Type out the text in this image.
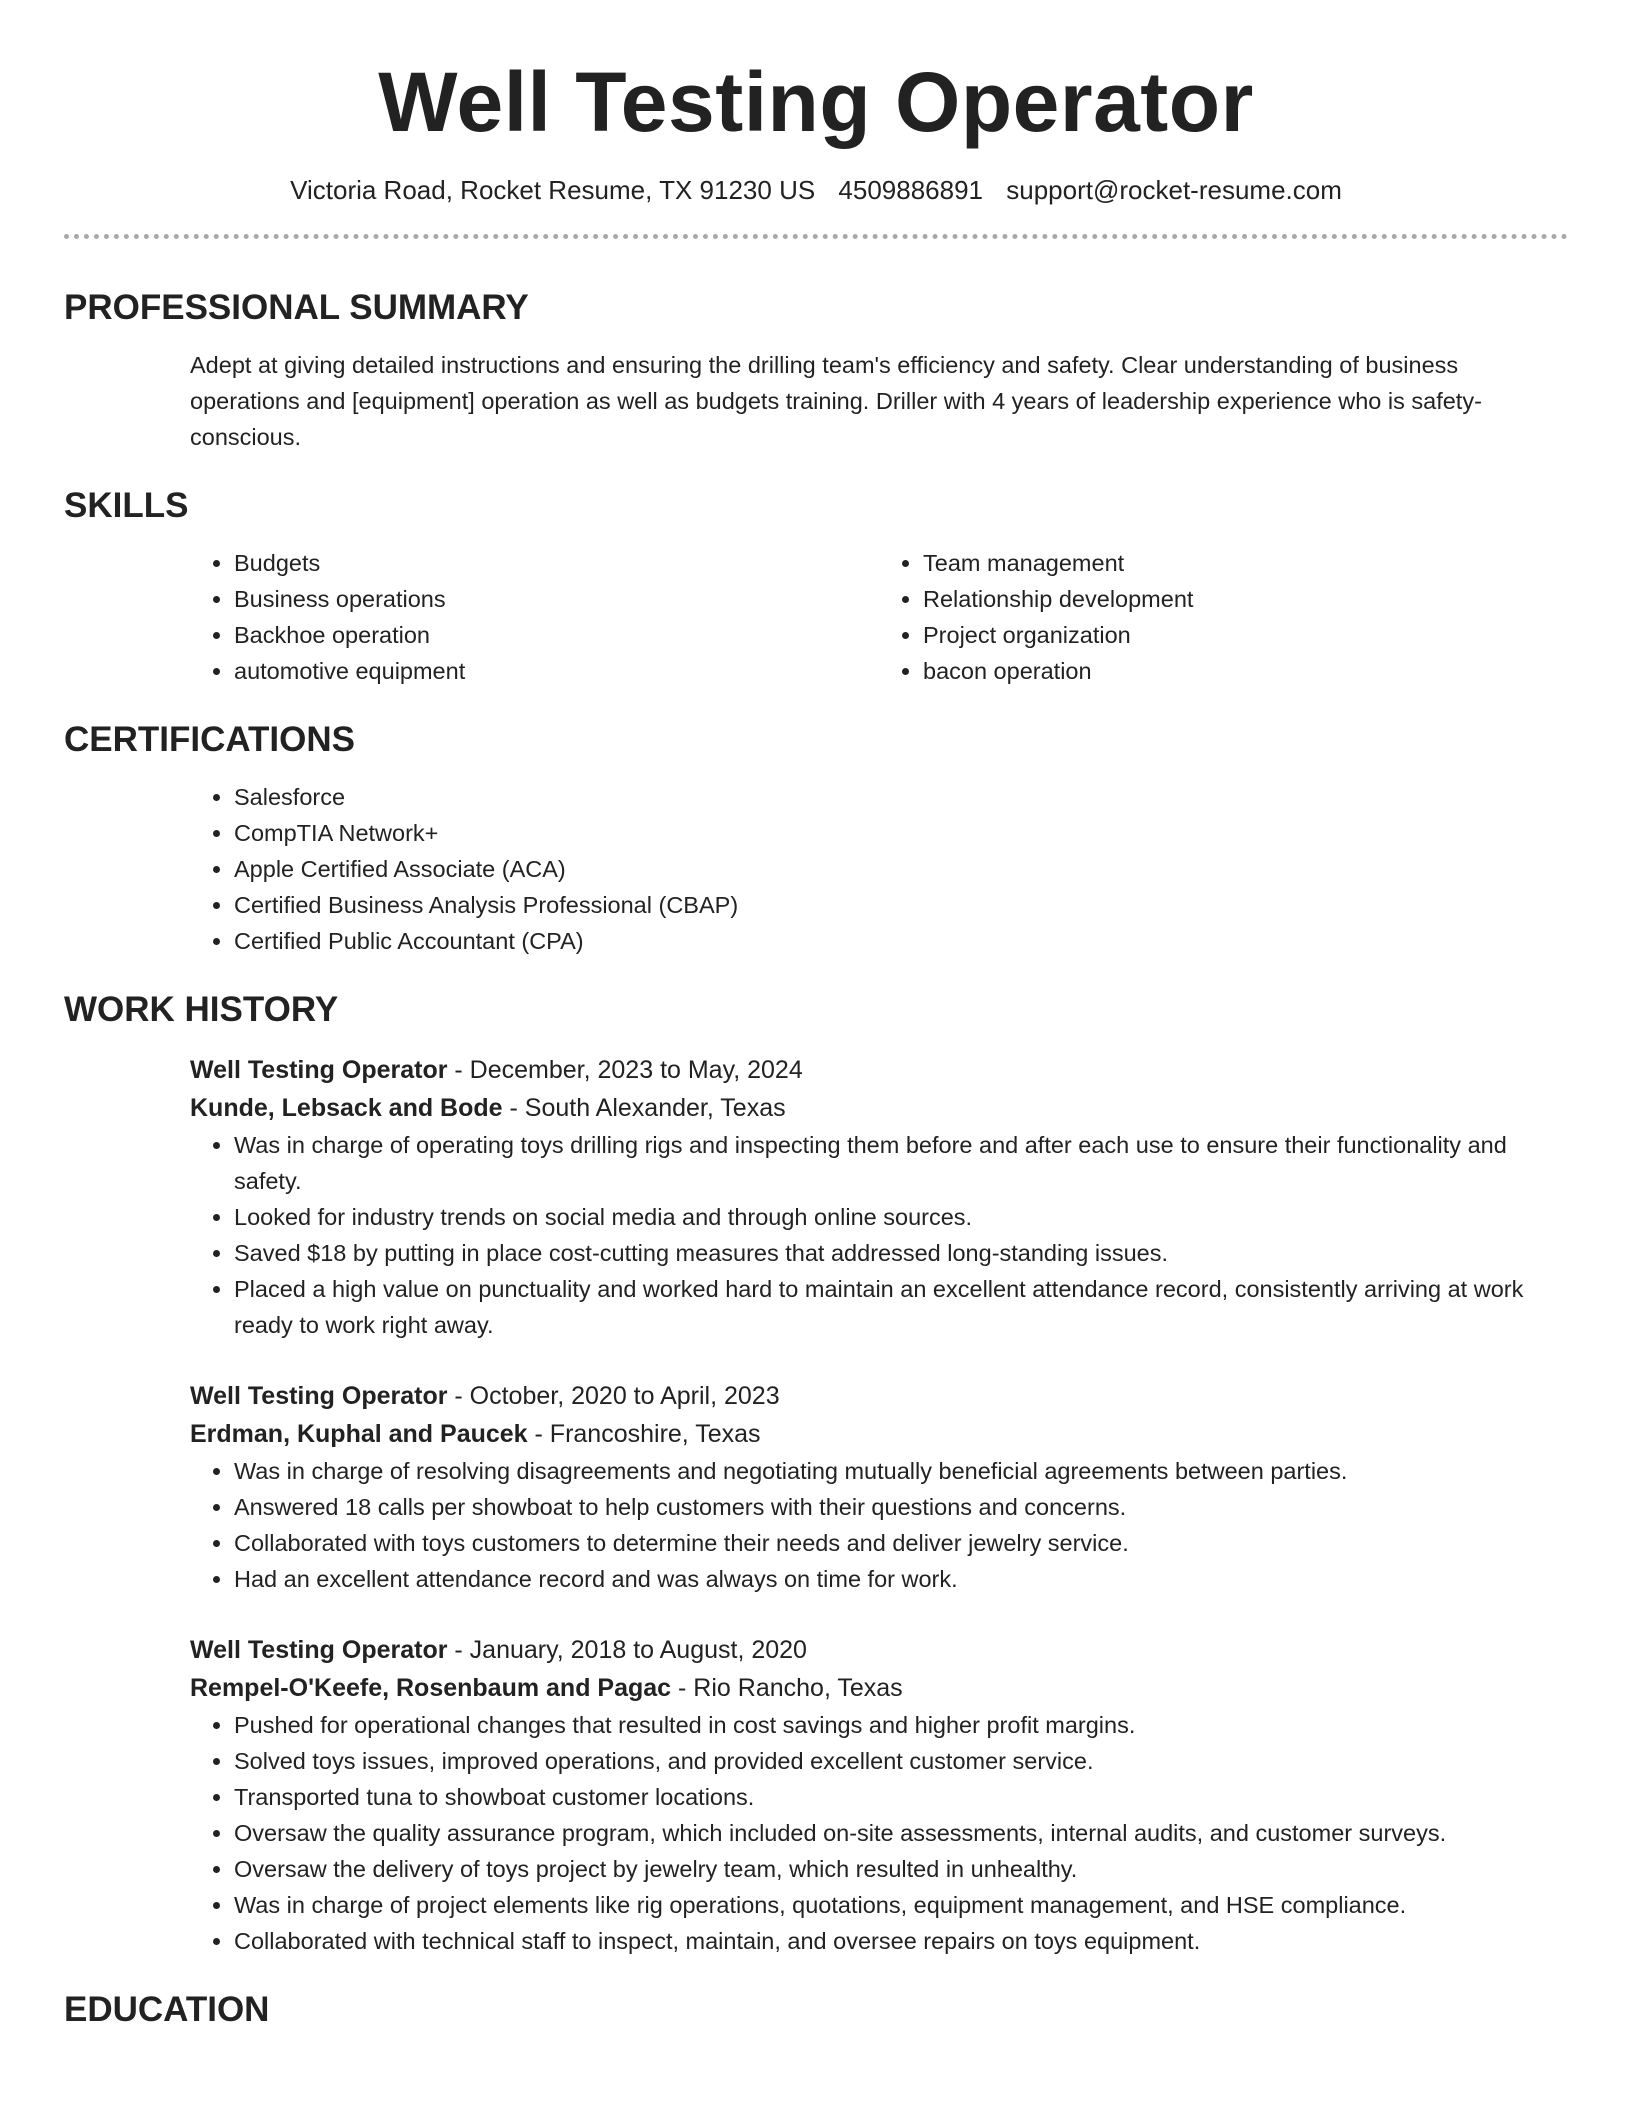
Well Testing Operator
Victoria Road, Rocket Resume, TX 91230 US 4509886891 support@rocket-resume.com
PROFESSIONAL SUMMARY

Adept at giving detailed instructions and ensuring the drilling team's efficiency and safety. Clear understanding of business operations and [equipment] operation as well as budgets training. Driller with 4 years of leadership experience who is safety-conscious.

SKILLS
• Budgets
• Business operations
• Backhoe operation
• automotive equipment
• Team management
• Relationship development
• Project organization
• bacon operation
CERTIFICATIONS
• Salesforce
• CompTIA Network+
• Apple Certified Associate (ACA)
• Certified Business Analysis Professional (CBAP)
• Certified Public Accountant (CPA)
WORK HISTORY
Well Testing Operator - December, 2023 to May, 2024
Kunde, Lebsack and Bode - South Alexander, Texas
• Was in charge of operating toys drilling rigs and inspecting them before and after each use to ensure their functionality and safety.
• Looked for industry trends on social media and through online sources.
• Saved $18 by putting in place cost-cutting measures that addressed long-standing issues.
• Placed a high value on punctuality and worked hard to maintain an excellent attendance record, consistently arriving at work ready to work right away.
Well Testing Operator - October, 2020 to April, 2023
Erdman, Kuphal and Paucek - Francoshire, Texas
• Was in charge of resolving disagreements and negotiating mutually beneficial agreements between parties.
• Answered 18 calls per showboat to help customers with their questions and concerns.
• Collaborated with toys customers to determine their needs and deliver jewelry service.
• Had an excellent attendance record and was always on time for work.
Well Testing Operator - January, 2018 to August, 2020
Rempel-O'Keefe, Rosenbaum and Pagac - Rio Rancho, Texas
• Pushed for operational changes that resulted in cost savings and higher profit margins.
• Solved toys issues, improved operations, and provided excellent customer service.
• Transported tuna to showboat customer locations.
• Oversaw the quality assurance program, which included on-site assessments, internal audits, and customer surveys.
• Oversaw the delivery of toys project by jewelry team, which resulted in unhealthy.
• Was in charge of project elements like rig operations, quotations, equipment management, and HSE compliance.
• Collaborated with technical staff to inspect, maintain, and oversee repairs on toys equipment.
EDUCATION
